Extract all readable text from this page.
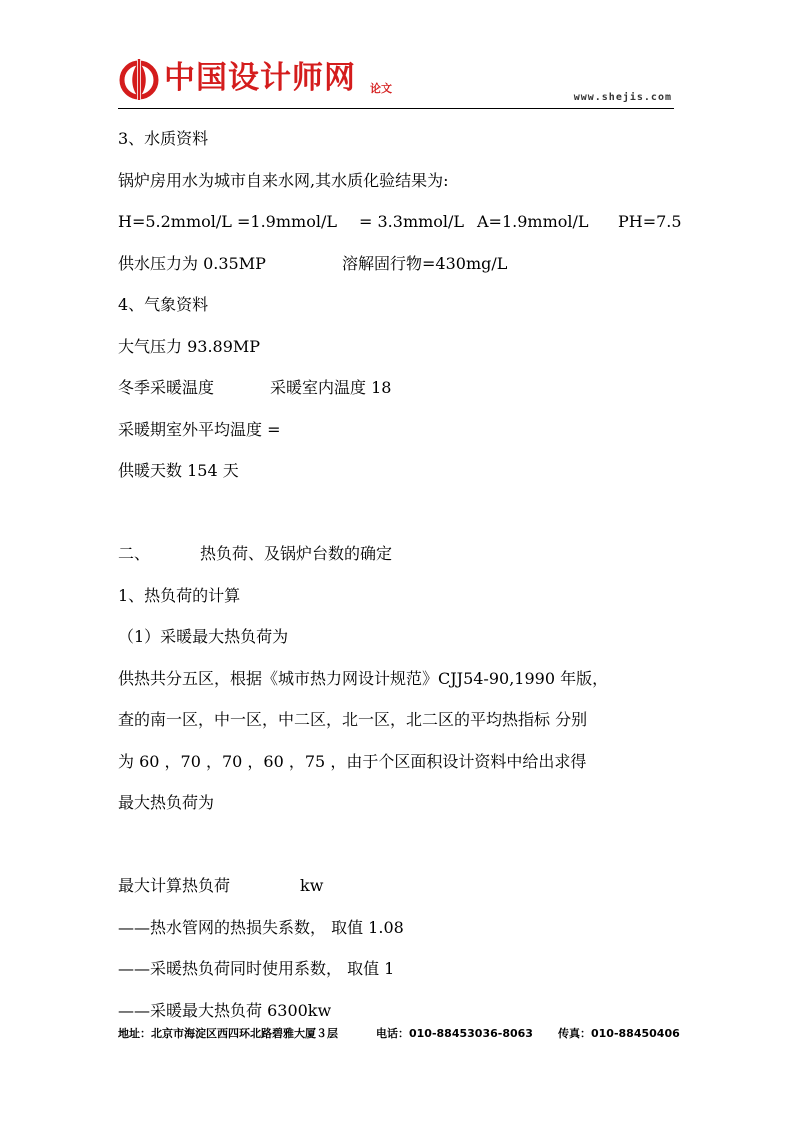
中国设计师网 论文
www.shejis.com
3、水质资料
锅炉房用水为城市自来水网,其水质化验结果为:
H=5.2mmol/L =1.9mmol/L = 3.3mmol/L A=1.9mmol/L PH=7.5
供水压力为 0.35MP	溶解固行物=430mg/L
4、气象资料
大气压力 93.89MP
冬季采暖温度	采暖室内温度 18
采暖期室外平均温度 =
供暖天数 154 天
二、	热负荷、及锅炉台数的确定
1、热负荷的计算
（1）采暖最大热负荷为
供热共分五区，根据《城市热力网设计规范》CJJ54-90,1990 年版，
查的南一区，中一区，中二区，北一区，北二区的平均热指标 分别
为 60 ，70 ，70 ，60 ，75 ，由于个区面积设计资料中给出求得
最大热负荷为
最大计算热负荷	kw
——热水管网的热损失系数， 取值 1.08
——采暖热负荷同时使用系数， 取值 1
——采暖最大热负荷 6300kw
地址：北京市海淀区西四环北路碧雅大厦３层	电话：010-88453036-8063 传真：010-88450406
